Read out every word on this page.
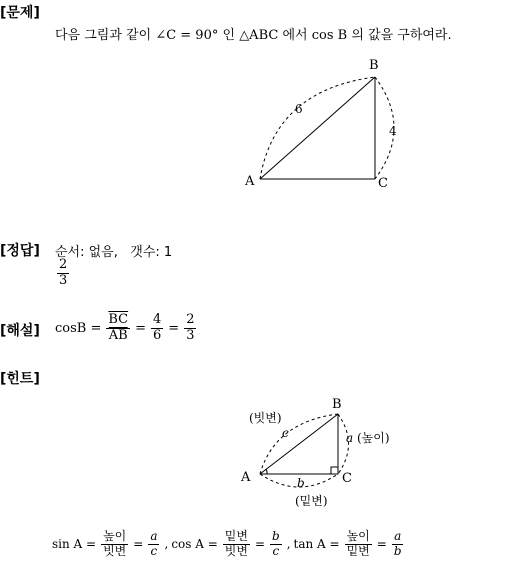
[문제]
다음 그림과 같이 ∠C = 90° 인 △ABC 에서 cos B 의 값을 구하여라.
A
B
C
6
4
[정답] 순서: 없음,   갯수: 1
$\frac{2}{3}$
[해설] $\cos B = \frac{\overline{BC}}{AB} = \frac{4}{6} = \frac{2}{3}$
[힌트]
A
B
C
(빗변)
c	a (높이)
b
(밑변)
$\sin A = \frac{\text{높이}}{\text{빗변}} = \frac{a}{c}$ , $\cos A = \frac{\text{밑변}}{\text{빗변}} = \frac{b}{c}$ , $\tan A = \frac{\text{높이}}{\text{밑변}} = \frac{a}{b}$
